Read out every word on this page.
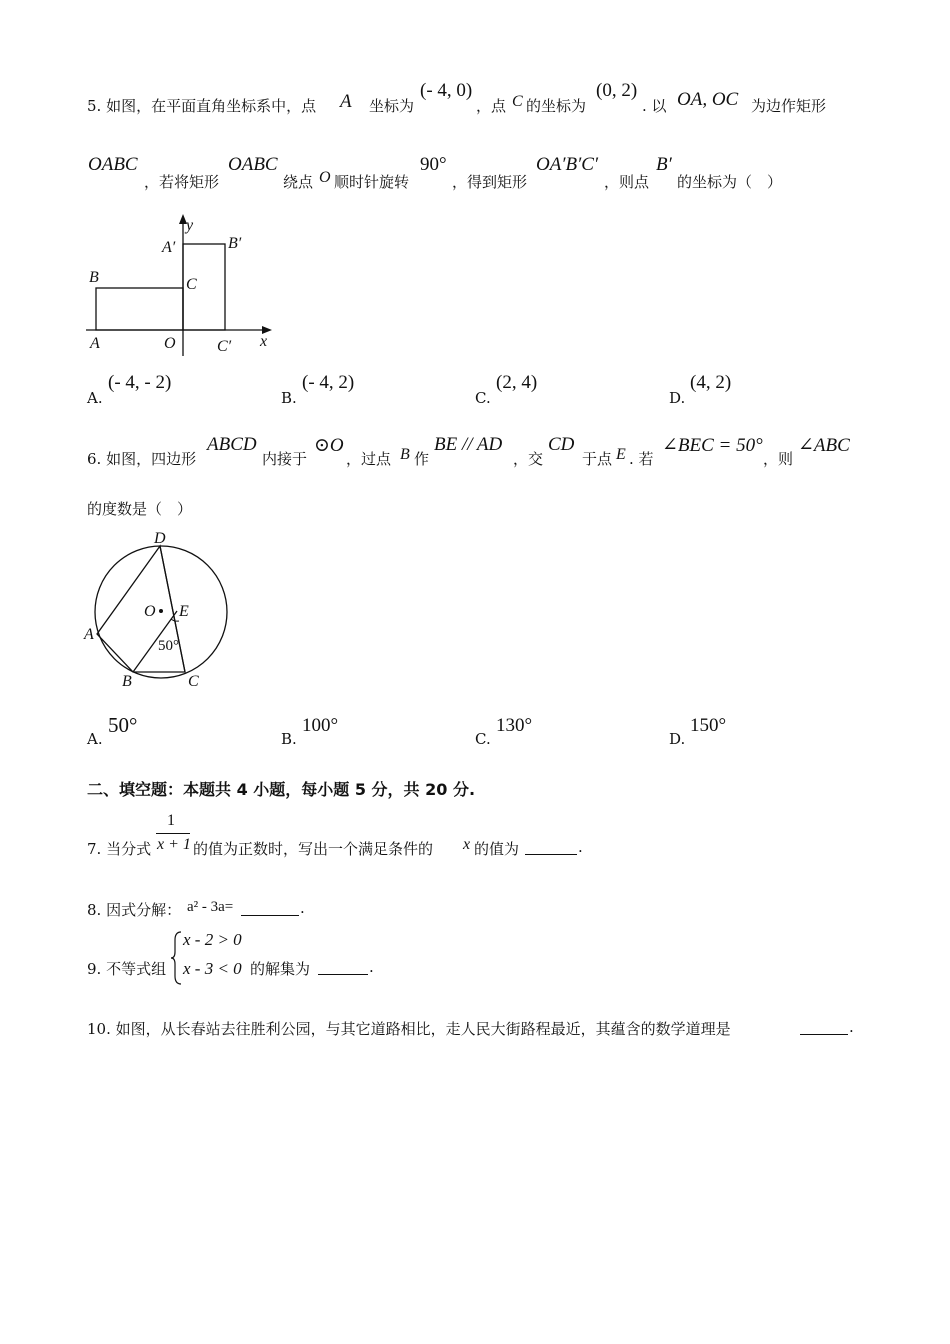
5. 如图，在平面直角坐标系中，点 A 坐标为
(- 4, 0)
，点 C 的坐标为
(0, 2)
. 以 OA, OC 为边作矩形
OABC
，若将矩形
OABC
绕点 O 顺时针旋转
90°
，得到矩形
OA′B′C′
，则点
B′
的坐标为（　）
y
x
A′	B′
B	C
A	O	C′
A.
(- 4, - 2)
B.
(- 4, 2)
C.
(2, 4)
D.
(4, 2)
6. 如图，四边形
ABCD
内接于
⊙O
，过点 B 作
BE // AD
，交
CD
于点 E . 若
∠BEC = 50°
，则
∠ABC
的度数是（　）
D
O E
A
50°
B	C
A.
50°
B.
100°
C.
130°
D.
150°
二、填空题：本题共 4 小题，每小题 5 分，共 20 分.
7. 当分式
1
x + 1 的值为正数时，写出一个满足条件的 x 的值为	.
8. 因式分解： a² - 3a=	.
9. 不等式组
x - 2 > 0
x - 3 < 0 的解集为	.
10. 如图，从长春站去往胜利公园，与其它道路相比，走人民大街路程最近，其蕴含的数学道理是	.
